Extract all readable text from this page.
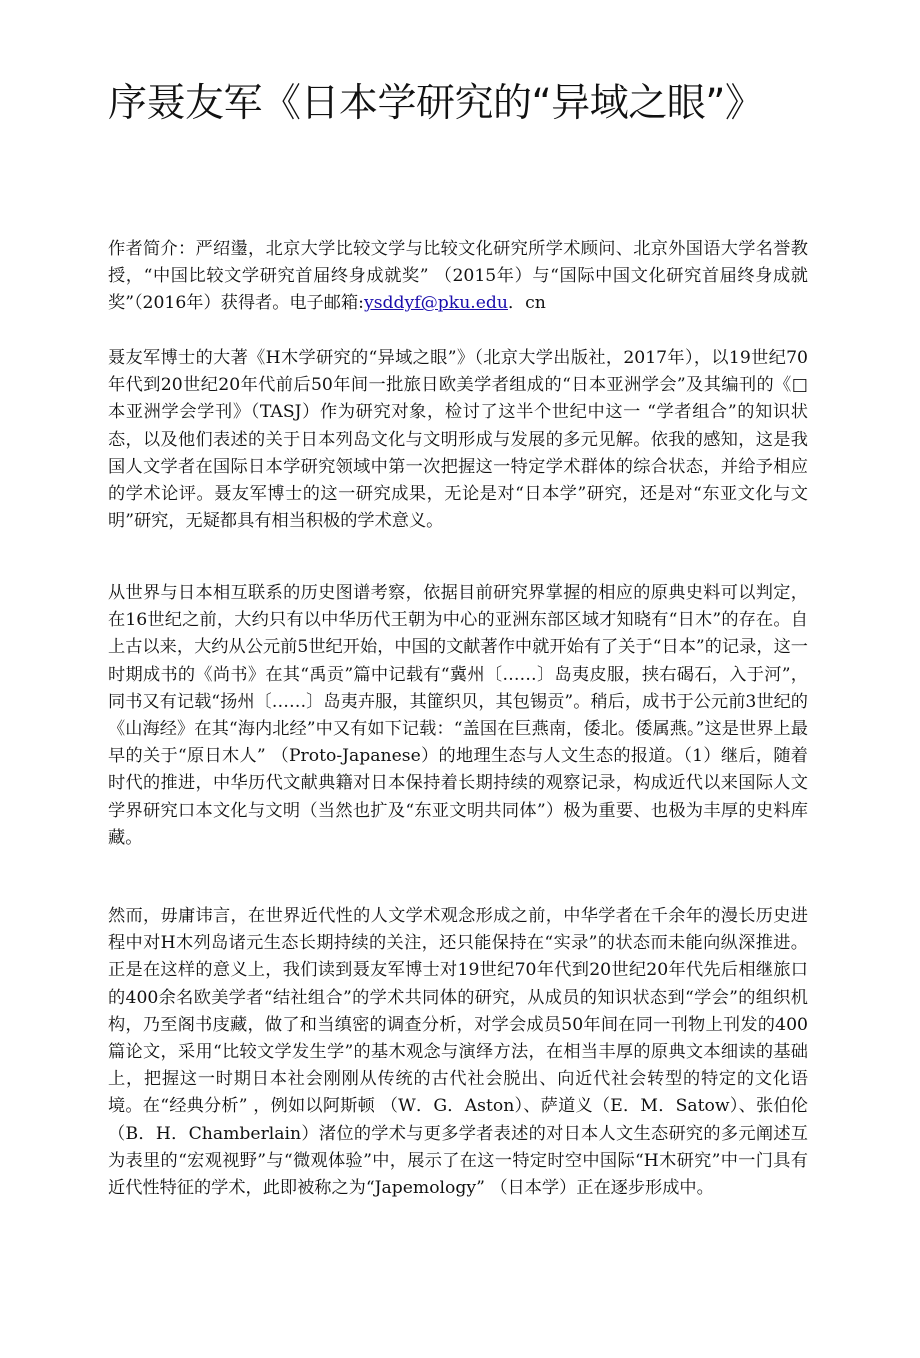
序聂友军《日本学研究的“异域之眼”》

作者简介：严绍璗，北京大学比较文学与比较文化研究所学术顾问、北京外国语大学名誉教授，“中国比较文学研究首届终身成就奖” （2015年）与“国际中国文化研究首届终身成就奖”（2016年）获得者。电子邮箱:ysddyf@pku.edu．cn

聂友军博士的大著《H木学研究的“异域之眼”》（北京大学出版社，2017年），以19世纪70年代到20世纪20年代前后50年间一批旅日欧美学者组成的“日本亚洲学会”及其编刊的《□本亚洲学会学刊》（TASJ）作为研究对象，检讨了这半个世纪中这一 “学者组合”的知识状态，以及他们表述的关于日本列岛文化与文明形成与发展的多元见解。依我的感知，这是我国人文学者在国际日本学研究领域中第一次把握这一特定学术群体的综合状态，并给予相应的学术论评。聂友军博士的这一研究成果，无论是对“日本学”研究，还是对“东亚文化与文明”研究，无疑都具有相当积极的学术意义。

从世界与日本相互联系的历史图谱考察，依据目前研究界掌握的相应的原典史料可以判定，在16世纪之前，大约只有以中华历代王朝为中心的亚洲东部区域才知晓有“日木”的存在。自上古以来，大约从公元前5世纪开始，中国的文献著作中就开始有了关于“日本”的记录，这一时期成书的《尚书》在其“禹贡”篇中记载有“冀州〔……〕岛夷皮服，挟右碣石，入于河”，同书又有记载“扬州〔……〕岛夷卉服，其篚织贝，其包锡贡”。稍后，成书于公元前3世纪的《山海经》在其“海内北经”中又有如下记载：“盖国在巨燕南，倭北。倭属燕。”这是世界上最早的关于“原日木人” （Proto-Japanese）的地理生态与人文生态的报道。（1）继后，随着时代的推进，中华历代文献典籍对日本保持着长期持续的观察记录，构成近代以来国际人文学界研究口本文化与文明（当然也扩及“东亚文明共同体”）极为重要、也极为丰厚的史料库藏。

然而，毋庸讳言，在世界近代性的人文学术观念形成之前，中华学者在千余年的漫长历史进程中对H木列岛诸元生态长期持续的关注，还只能保持在“实录”的状态而未能向纵深推进。正是在这样的意义上，我们读到聂友军博士对19世纪70年代到20世纪20年代先后相继旅口的400余名欧美学者“结社组合”的学术共同体的研究，从成员的知识状态到“学会”的组织机构，乃至阁书庋藏，做了和当缜密的调查分析，对学会成员50年间在同一刊物上刊发的400篇论文，采用“比较文学发生学”的基木观念与演绎方法，在相当丰厚的原典文本细读的基础上，把握这一时期日本社会刚刚从传统的古代社会脱出、向近代社会转型的特定的文化语境。在“经典分析” ，例如以阿斯顿 （W．G．Aston）、萨道义（E．M．Satow）、张伯伦（B．H．Chamberlain）渚位的学术与更多学者表述的对日本人文生态研究的多元阐述互为表里的“宏观视野”与“微观体验”中，展示了在这一特定时空中国际“H木研究”中一门具有近代性特征的学术，此即被称之为“Japemology” （日本学）正在逐步形成中。
